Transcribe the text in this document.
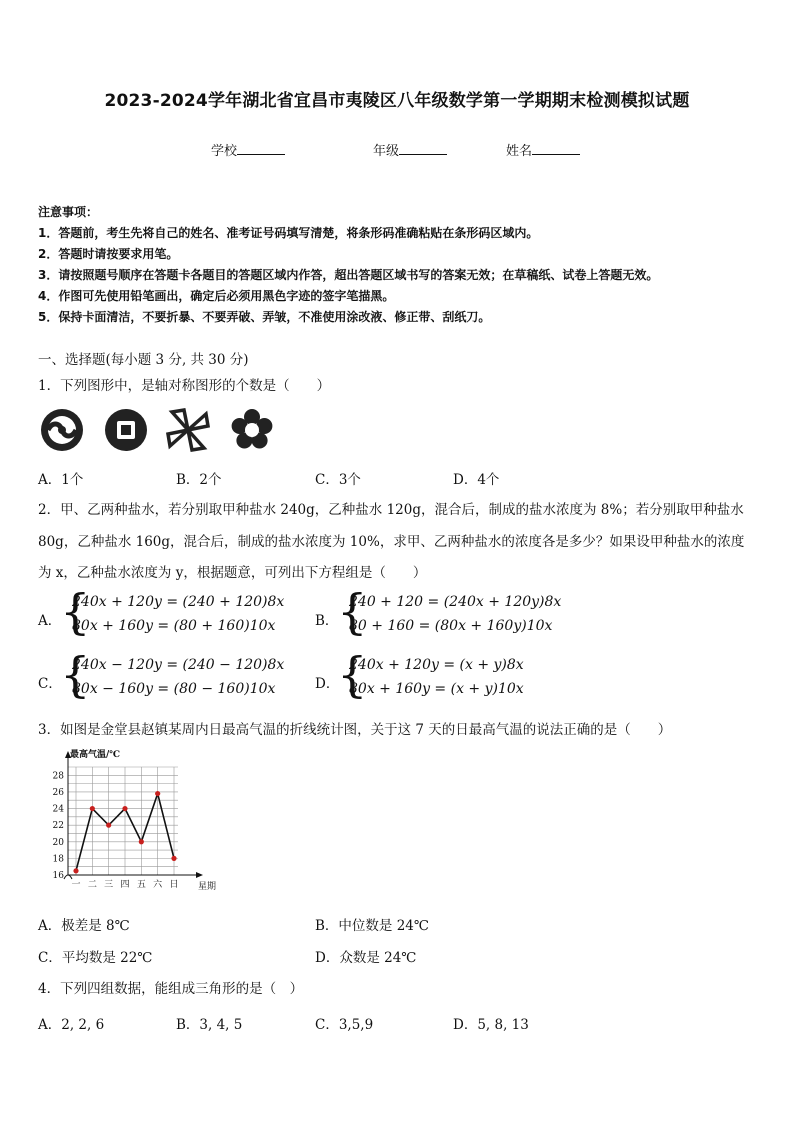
2023-2024学年湖北省宜昌市夷陵区八年级数学第一学期期末检测模拟试题
学校	年级	姓名
注意事项：
1．答题前，考生先将自己的姓名、准考证号码填写清楚，将条形码准确粘贴在条形码区域内。
2．答题时请按要求用笔。
3．请按照题号顺序在答题卡各题目的答题区域内作答，超出答题区域书写的答案无效；在草稿纸、试卷上答题无效。
4．作图可先使用铅笔画出，确定后必须用黑色字迹的签字笔描黑。
5．保持卡面清洁，不要折暴、不要弄破、弄皱，不准使用涂改液、修正带、刮纸刀。
一、选择题(每小题 3 分, 共 30 分)
1．下列图形中，是轴对称图形的个数是（　　）
A．1个	B．2个	C．3个	D．4个
2．甲、乙两种盐水，若分别取甲种盐水 240g，乙种盐水 120g，混合后，制成的盐水浓度为 8%；若分别取甲种盐水
80g，乙种盐水 160g，混合后，制成的盐水浓度为 10%，求甲、乙两种盐水的浓度各是多少？如果设甲种盐水的浓度
为 x，乙种盐水浓度为 y，根据题意，可列出下方程组是（　　）
A．
{
240x + 120y = (240 + 120)8x
80x + 160y = (80 + 160)10x	B．
{
240 + 120 = (240x + 120y)8x
80 + 160 = (80x + 160y)10x
C．
{
240x − 120y = (240 − 120)8x
80x − 160y = (80 − 160)10x	D．
{
240x + 120y = (x + y)8x
80x + 160y = (x + y)10x
3．如图是金堂县赵镇某周内日最高气温的折线统计图，关于这 7 天的日最高气温的说法正确的是（　　）
16
18
20
22
24
26
28
一 二 三 四 五 六 日
最高气温/℃
星期
A．极差是 8℃	B．中位数是 24℃
C．平均数是 22℃	D．众数是 24℃
4．下列四组数据，能组成三角形的是（　）
A．2, 2, 6	B．3, 4, 5	C．3,5,9	D．5, 8, 13
